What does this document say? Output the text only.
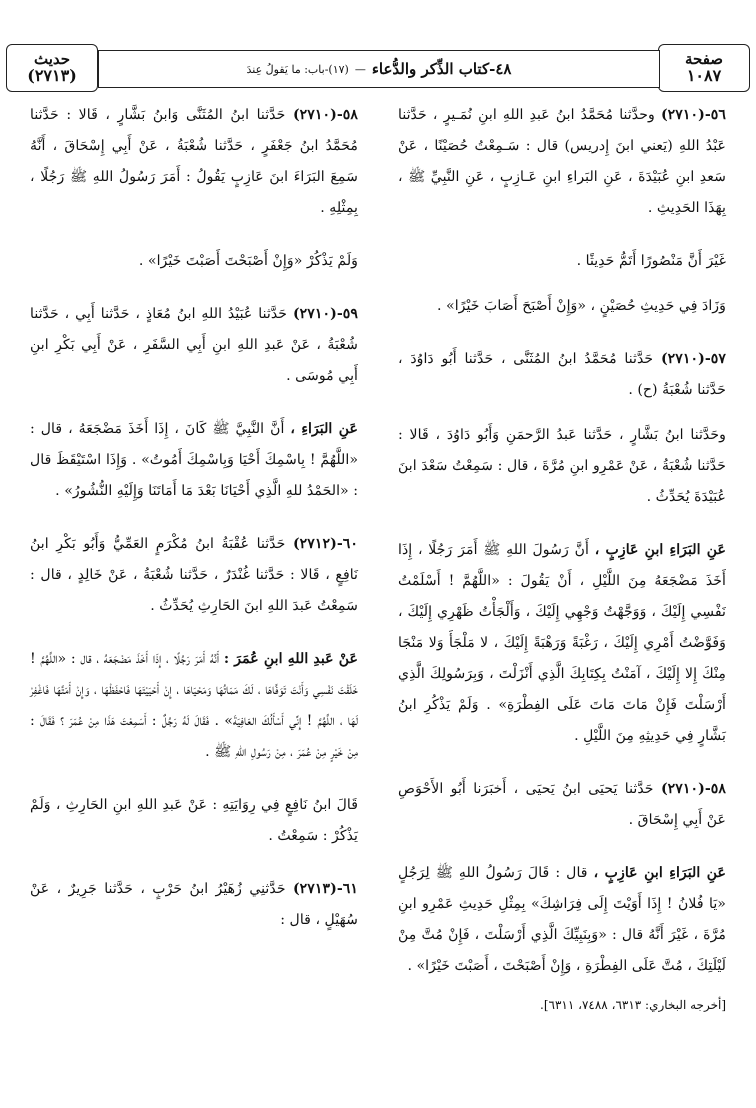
صفحة
١٠٨٧
٤٨-كتاب الذِّكر والدُّعاء
—
(١٧)-باب: ما يَقولُ عِندَ
حديث
(٢٧١٣)

٥٦-(٢٧١٠) وحدَّثنا مُحَمَّدُ ابنُ عَبدِ اللهِ ابنِ نُمَـيرٍ ، حَدَّثنا عَبْدُ اللهِ (يَعني ابنَ إِدريس) قال : سَـمِعْتُ حُصَيْنًا ، عَنْ سَعدِ ابنِ عُبَيْدَةَ ، عَنِ البَراءِ ابنِ عَـازِبٍ ، عَنِ النَّبِيِّ ﷺ ، بِهَذَا الحَدِيثِ .

غَيْرَ أَنَّ مَنْصُورًا أَتَمُّ حَدِيثًا .

وَزَادَ فِي حَدِيثِ حُصَيْنٍ ، «وَإِنْ أَصْبَحَ أَصَابَ خَيْرًا» .

٥٧-(٢٧١٠) حَدَّثنا مُحَمَّدُ ابنُ المُثَنَّى ، حَدَّثنا أَبُو دَاوُدَ ، حَدَّثنا شُعْبَةُ (ح) .

وحَدَّثنا ابنُ بَشَّارٍ ، حَدَّثنا عَبدُ الرَّحمَنِ وَأَبُو دَاوُدَ ، قَالا : حَدَّثنا شُعْبَةُ ، عَنْ عَمْرِو ابنِ مُرَّةَ ، قال : سَمِعْتُ سَعْدَ ابنَ عُبَيْدَةَ يُحَدِّثُ .

عَنِ البَرَاءِ ابنِ عَازِبٍ ، أَنَّ رَسُولَ اللهِ ﷺ أَمَرَ رَجُلًا ، إِذَا أَخَذَ مَضْجَعَهُ مِنَ اللَّيْلِ ، أَنْ يَقُولَ : «اللَّهُمَّ ! أَسْلَمْتُ نَفْسِي إِلَيْكَ ، وَوَجَّهْتُ وَجْهِي إِلَيْكَ ، وَأَلْجَأْتُ ظَهْرِي إِلَيْكَ ، وَفَوَّضْتُ أَمْرِي إِلَيْكَ ، رَغْبَةً وَرَهْبَةً إِلَيْكَ ، لا مَلْجَأَ وَلا مَنْجَا مِنْكَ إِلا إِلَيْكَ ، آمَنْتُ بِكِتَابِكَ الَّذِي أَنْزَلْتَ ، وَبِرَسُولِكَ الَّذِي أَرْسَلْتَ فَإِنْ مَاتَ مَاتَ عَلَى الفِطْرَةِ» . وَلَمْ يَذْكُرِ ابنُ بَشَّارٍ فِي حَدِيثِهِ مِنَ اللَّيْلِ .

٥٨-(٢٧١٠) حَدَّثنا يَحيَى ابنُ يَحيَى ، أَخبَرَنا أَبُو الأَحْوَصِ عَنْ أَبِي إِسْحَاقَ .

عَنِ البَرَاءِ ابنِ عَازِبٍ ، قال : قَالَ رَسُولُ اللهِ ﷺ لِرَجُلٍ «يَا فُلانُ ! إِذَا أَوَيْتَ إِلَى فِرَاشِكَ» بِمِثْلِ حَدِيثِ عَمْرِو ابنِ مُرَّةَ ، غَيْرَ أَنَّهُ قال : «وَبِنَبِيِّكَ الَّذِي أَرْسَلْتَ ، فَإِنْ مُتَّ مِنْ لَيْلَتِكَ ، مُتَّ عَلَى الفِطْرَةِ ، وَإِنْ أَصْبَحْتَ ، أَصَبْتَ خَيْرًا» .

[أخرجه البخاري: ٦٣١٣، ٧٤٨٨، ٦٣١١].

٥٨-(٢٧١٠) حَدَّثنا ابنُ المُثَنَّى وَابنُ بَشَّارٍ ، قَالا : حَدَّثنا مُحَمَّدُ ابنُ جَعْفَرٍ ، حَدَّثنا شُعْبَةُ ، عَنْ أَبِي إِسْحَاقَ ، أَنَّهُ سَمِعَ البَرَاءَ ابنَ عَازِبٍ يَقُولُ : أَمَرَ رَسُولُ اللهِ ﷺ رَجُلًا ، بِمِثْلِهِ .

وَلَمْ يَذْكُرْ «وَإِنْ أَصْبَحْتَ أَصَبْتَ خَيْرًا» .

٥٩-(٢٧١٠) حَدَّثنا عُبَيْدُ اللهِ ابنُ مُعَاذٍ ، حَدَّثنا أَبِي ، حَدَّثنا شُعْبَةُ ، عَنْ عَبدِ اللهِ ابنِ أَبِي السَّفَرِ ، عَنْ أَبِي بَكْرِ ابنِ أَبِي مُوسَى .

عَنِ البَرَاءِ ، أَنَّ النَّبِيَّ ﷺ كَانَ ، إِذَا أَخَذَ مَضْجَعَهُ ، قال : «اللَّهُمَّ ! بِاسْمِكَ أَحْيَا وَبِاسْمِكَ أَمُوتُ» . وَإِذَا اسْتَيْقَظَ قال : «الحَمْدُ للهِ الَّذِي أَحْيَانَا بَعْدَ مَا أَمَاتَنَا وَإِلَيْهِ النُّشُورُ» .

٦٠-(٢٧١٢) حَدَّثنا عُقْبَةُ ابنُ مُكْرَمٍ العَمِّيُّ وَأَبُو بَكْرِ ابنُ نَافِعٍ ، قَالا : حَدَّثنا غُنْدَرٌ ، حَدَّثنا شُعْبَةُ ، عَنْ خَالِدٍ ، قال : سَمِعْتُ عَبدَ اللهِ ابنَ الحَارِثِ يُحَدِّثُ .

عَنْ عَبدِ اللهِ ابنِ عُمَرَ : أَنَّهُ أَمَرَ رَجُلًا ، إِذَا أَخَذَ مَضْجَعَهُ ، قال : «اللَّهُمَّ ! خَلَقْتَ نَفْسِي وَأَنْتَ تَوَفَّاهَا ، لَكَ مَمَاتُهَا وَمَحْيَاهَا ، إِنْ أَحْيَيْتَهَا فَاحْفَظْهَا ، وَإِنْ أَمَتَّهَا فَاغْفِرْ لَهَا ، اللَّهُمَّ ! إِنِّي أَسْأَلُكَ العَافِيَةَ» . فَقَالَ لَهُ رَجُلٌ : أَسَمِعْتَ هَذَا مِنْ عُمَرَ ؟ فَقَالَ : مِنْ خَيْرٍ مِنْ عُمَرَ ، مِنْ رَسُولِ اللهِ ﷺ .

قَالَ ابنُ نَافِعٍ فِي رِوَايَتِهِ : عَنْ عَبدِ اللهِ ابنِ الحَارِثِ ، وَلَمْ يَذْكُرْ : سَمِعْتُ .

٦١-(٢٧١٣) حَدَّثنِي زُهَيْرُ ابنُ حَرْبٍ ، حَدَّثنا جَرِيرٌ ، عَنْ سُهَيْلٍ ، قال :
